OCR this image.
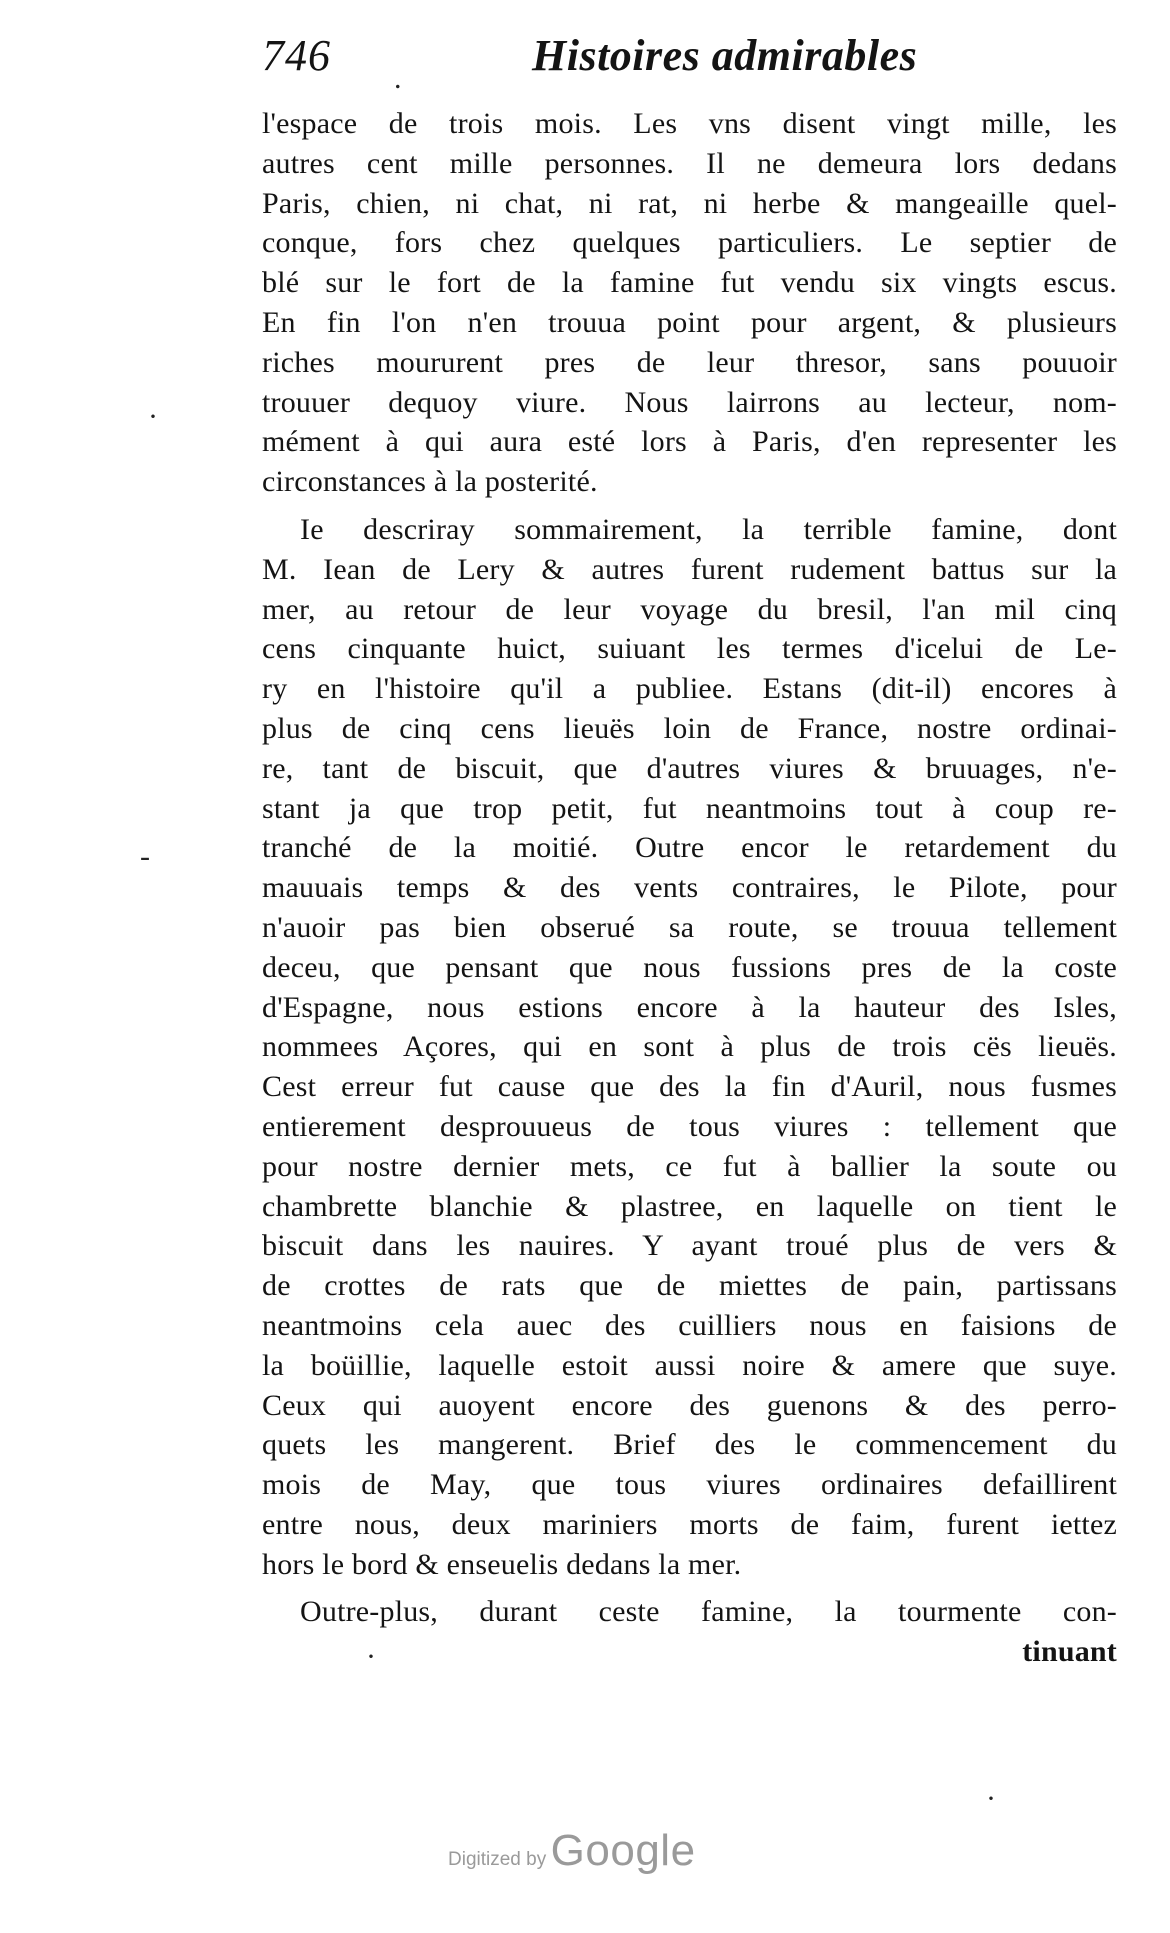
746	Histoires admirables
.
l'espace de trois mois. Les vns disent vingt mille, les
autres cent mille personnes. Il ne demeura lors dedans
Paris, chien, ni chat, ni rat, ni herbe & mangeaille quel-
conque, fors chez quelques particuliers. Le septier de
blé sur le fort de la famine fut vendu six vingts escus.
En fin l'on n'en trouua point pour argent, & plusieurs
riches moururent pres de leur thresor, sans pouuoir
trouuer dequoy viure. Nous lairrons au lecteur, nom-
mément à qui aura esté lors à Paris, d'en representer les
circonstances à la posterité.
Ie descriray sommairement, la terrible famine, dont
M. Iean de Lery & autres furent rudement battus sur la
mer, au retour de leur voyage du bresil, l'an mil cinq
cens cinquante huict, suiuant les termes d'icelui de Le-
ry en l'histoire qu'il a publiee. Estans (dit-il) encores à
plus de cinq cens lieuës loin de France, nostre ordinai-
re, tant de biscuit, que d'autres viures & bruuages, n'e-
stant ja que trop petit, fut neantmoins tout à coup re-
tranché de la moitié. Outre encor le retardement du
mauuais temps & des vents contraires, le Pilote, pour
n'auoir pas bien obserué sa route, se trouua tellement
deceu, que pensant que nous fussions pres de la coste
d'Espagne, nous estions encore à la hauteur des Isles,
nommees Açores, qui en sont à plus de trois cës lieuës.
Cest erreur fut cause que des la fin d'Auril, nous fusmes
entierement desprouueus de tous viures : tellement que
pour nostre dernier mets, ce fut à ballier la soute ou
chambrette blanchie & plastree, en laquelle on tient le
biscuit dans les nauires. Y ayant troué plus de vers &
de crottes de rats que de miettes de pain, partissans
neantmoins cela auec des cuilliers nous en faisions de
la boüillie, laquelle estoit aussi noire & amere que suye.
Ceux qui auoyent encore des guenons & des perro-
quets les mangerent. Brief des le commencement du
mois de May, que tous viures ordinaires defaillirent
entre nous, deux mariniers morts de faim, furent iettez
hors le bord & enseuelis dedans la mer.
Outre-plus, durant ceste famine, la tourmente con-
tinuant
·
-
·
·
Digitized by Google
